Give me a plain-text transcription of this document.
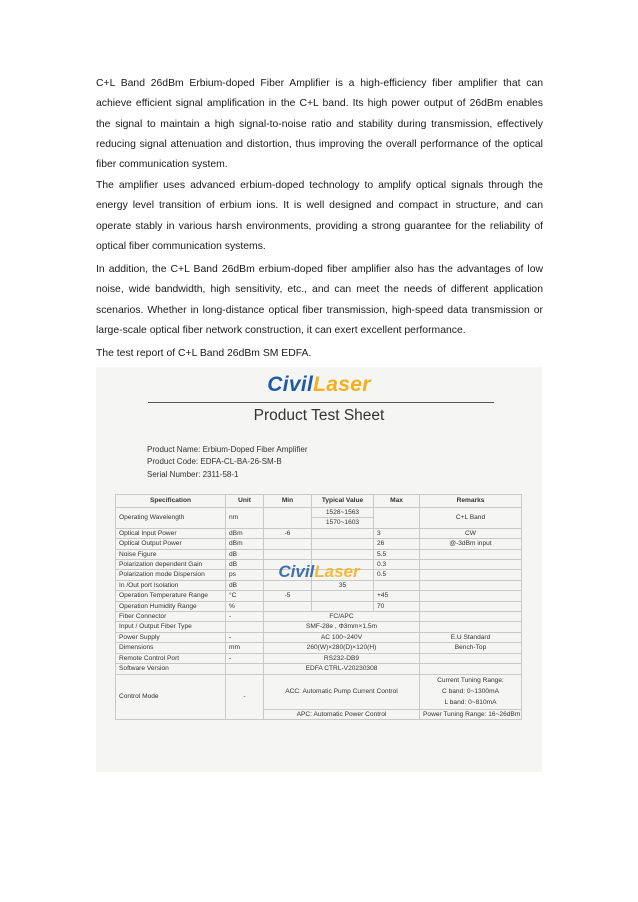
C+L Band 26dBm Erbium-doped Fiber Amplifier is a high-efficiency fiber amplifier that can achieve efficient signal amplification in the C+L band. Its high power output of 26dBm enables the signal to maintain a high signal-to-noise ratio and stability during transmission, effectively reducing signal attenuation and distortion, thus improving the overall performance of the optical fiber communication system.

The amplifier uses advanced erbium-doped technology to amplify optical signals through the energy level transition of erbium ions. It is well designed and compact in structure, and can operate stably in various harsh environments, providing a strong guarantee for the reliability of optical fiber communication systems.

In addition, the C+L Band 26dBm erbium-doped fiber amplifier also has the advantages of low noise, wide bandwidth, high sensitivity, etc., and can meet the needs of different application scenarios. Whether in long-distance optical fiber transmission, high-speed data transmission or large-scale optical fiber network construction, it can exert excellent performance.

The test report of C+L Band 26dBm SM EDFA.

CivilLaser
Product Test Sheet
Product Name: Erbium-Doped Fiber Amplifier
Product Code: EDFA-CL-BA-26-SM-B
Serial Number: 2311-58-1
Specification	Unit	Min	Typical Value	Max	Remarks
Operating Wavelength	nm		1528~1563		C+L Band
			1570~1603		
Optical Input Power	dBm	-6		3	CW
Optical Output Power	dBm			26	@-3dBm input
Noise Figure	dB			5.5	
Polarization dependent Gain	dB			0.3	
Polarization mode Dispersion	ps			0.5	
In /Out port Isolation	dB		35		
Operation Temperature Range	°C	-5		+45	
Operation Humidity Range	%			70	
Fiber Connector	-	FC/APC			
Input / Output Fiber Type		SMF-28e , Φ3mm×1.5m			
Power Supply	-	AC 100~240V			E.U Standard
Dimensions	mm	260(W)×280(D)×120(H)			Bench-Top
Remote Control Port	-	RS232-DB9			
Software Version		EDFA CTRL-V20230308			
Control Mode	-	ACC: Automatic Pump Current Control			Current Tuning Range:
C band: 0~1300mA
L band: 0~810mA

		APC: Automatic Power Control			Power Tuning Range: 16~26dBm
CivilLaser
